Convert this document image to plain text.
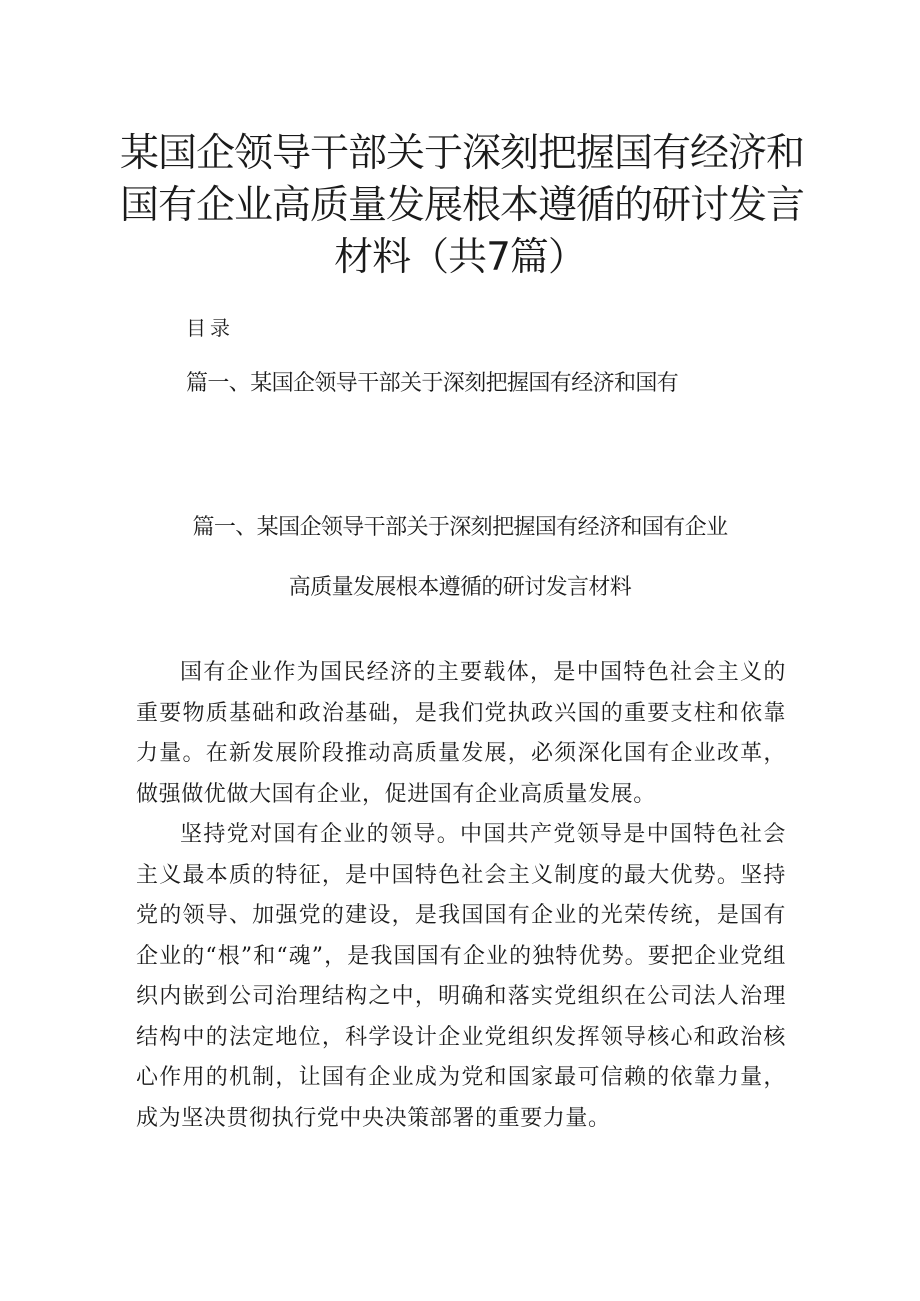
某国企领导干部关于深刻把握国有经济和
国有企业高质量发展根本遵循的研讨发言
材料（共7篇）
目录
篇一、某国企领导干部关于深刻把握国有经济和国有
篇一、某国企领导干部关于深刻把握国有经济和国有企业
高质量发展根本遵循的研讨发言材料

国有企业作为国民经济的主要载体，是中国特色社会主义的重要物质基础和政治基础，是我们党执政兴国的重要支柱和依靠力量。在新发展阶段推动高质量发展，必须深化国有企业改革，做强做优做大国有企业，促进国有企业高质量发展。

坚持党对国有企业的领导。中国共产党领导是中国特色社会主义最本质的特征，是中国特色社会主义制度的最大优势。坚持党的领导、加强党的建设，是我国国有企业的光荣传统，是国有企业的“根”和“魂”，是我国国有企业的独特优势。要把企业党组织内嵌到公司治理结构之中，明确和落实党组织在公司法人治理结构中的法定地位，科学设计企业党组织发挥领导核心和政治核心作用的机制，让国有企业成为党和国家最可信赖的依靠力量，成为坚决贯彻执行党中央决策部署的重要力量。
